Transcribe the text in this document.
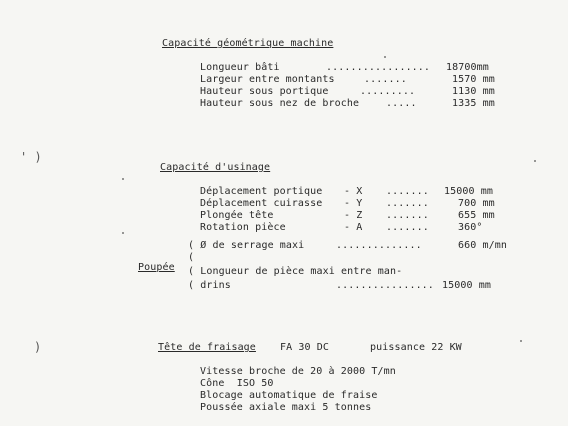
Capacité géométrique machine
Longueur bâti	................. 18700mm
Largeur entre montants	.......	1570 mm
Hauteur sous portique	.........	1130 mm
Hauteur sous nez de broche	.....	1335 mm
' )
Capacité d'usinage
Déplacement portique - X ....... 15000 mm
Déplacement cuirasse - Y .......	700 mm
Plongée tête	- Z .......	655 mm
Rotation pièce	- A .......	360°
( Ø de serrage maxi	..............	660 m/mn
(
Poupée ( Longueur de pièce maxi entre man-
( drins	................ 15000 mm
)	Tête de fraisage FA 30 DC	puissance 22 KW
Vitesse broche de 20 à 2000 T/mn
Cône  ISO 50
Blocage automatique de fraise
Poussée axiale maxi 5 tonnes
